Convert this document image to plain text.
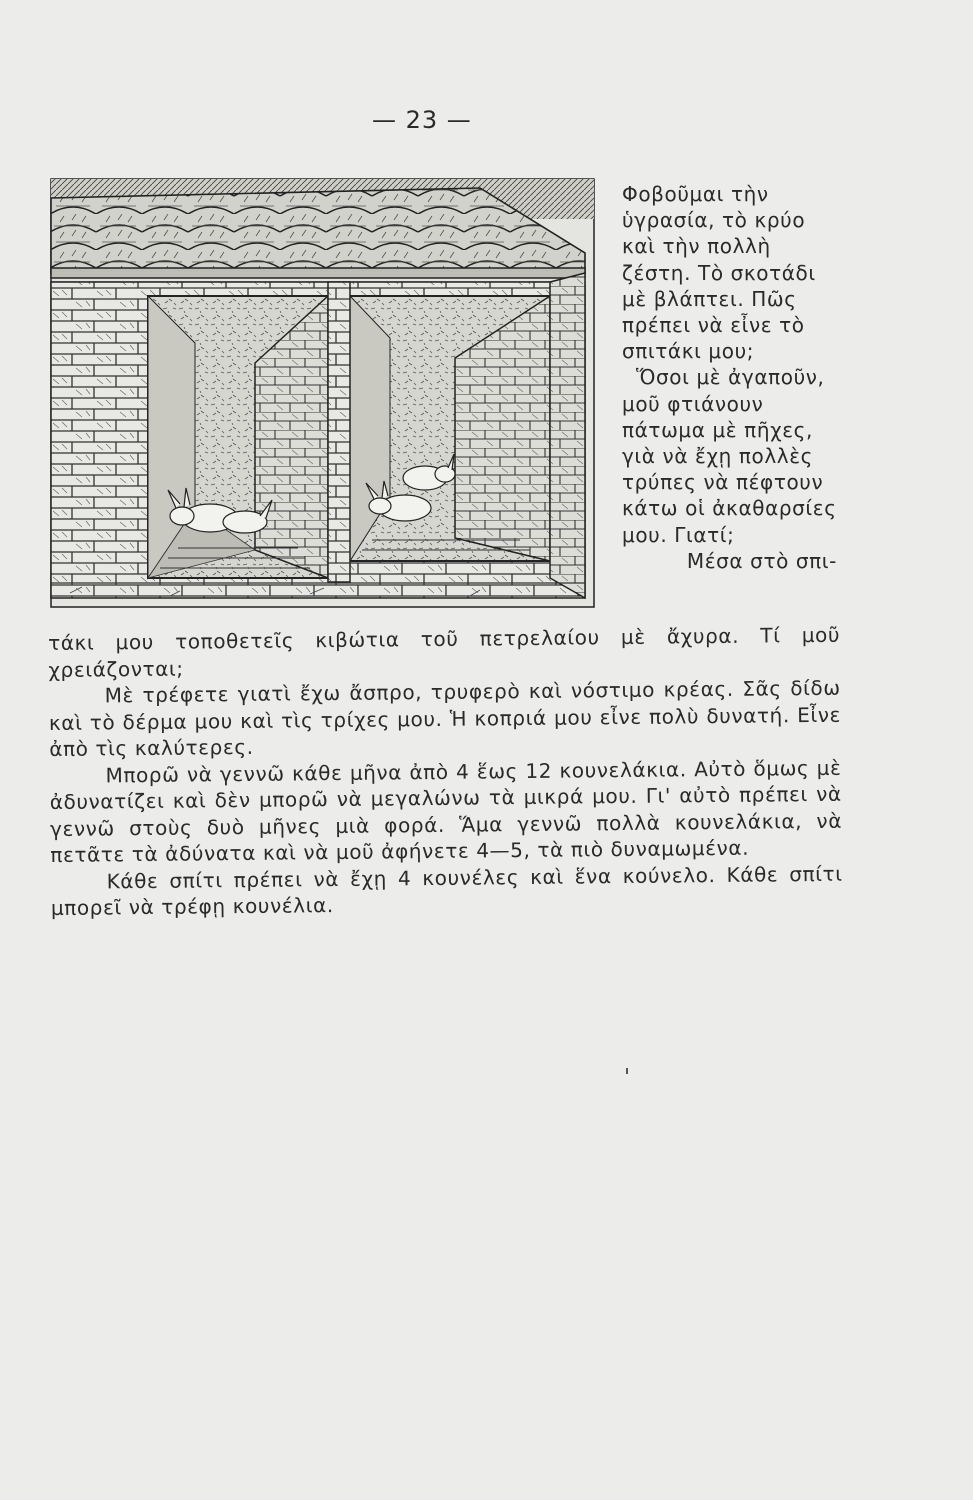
— 23 —

Φοβοῦμαι τὴν ὑγρασία, τὸ κρύο καὶ τὴν πολλὴ ζέστη. Τὸ σκοτάδι μὲ βλάπτει. Πῶς πρέπει νὰ εἶνε τὸ σπιτάκι μου;

Ὅσοι μὲ ἀγαποῦν, μοῦ φτιάνουν πάτωμα μὲ πῆχες, γιὰ νὰ ἔχῃ πολλὲς τρύπες νὰ πέφτουν κάτω οἱ ἀκαθαρσίες μου. Γιατί;

Μέσα στὸ σπι-

τάκι μου τοποθετεῖς κιβώτια τοῦ πετρελαίου μὲ ἄχυρα. Τί μοῦ χρειάζονται;

Μὲ τρέφετε γιατὶ ἔχω ἄσπρο, τρυφερὸ καὶ νόστιμο κρέας. Σᾶς δίδω καὶ τὸ δέρμα μου καὶ τὶς τρίχες μου. Ἡ κοπριά μου εἶνε πολὺ δυνατή. Εἶνε ἀπὸ τὶς καλύτερες.

Μπορῶ νὰ γεννῶ κάθε μῆνα ἀπὸ 4 ἕως 12 κουνελάκια. Αὐτὸ ὅμως μὲ ἀδυνατίζει καὶ δὲν μπορῶ νὰ μεγαλώνω τὰ μικρά μου. Γι' αὐτὸ πρέπει νὰ γεννῶ στοὺς δυὸ μῆνες μιὰ φορά. Ἅμα γεννῶ πολλὰ κουνελάκια, νὰ πετᾶτε τὰ ἀδύνατα καὶ νὰ μοῦ ἀφήνετε 4—5, τὰ πιὸ δυναμωμένα.

Κάθε σπίτι πρέπει νὰ ἔχῃ 4 κουνέλες καὶ ἕνα κούνελο. Κάθε σπίτι μπορεῖ νὰ τρέφῃ κουνέλια.
